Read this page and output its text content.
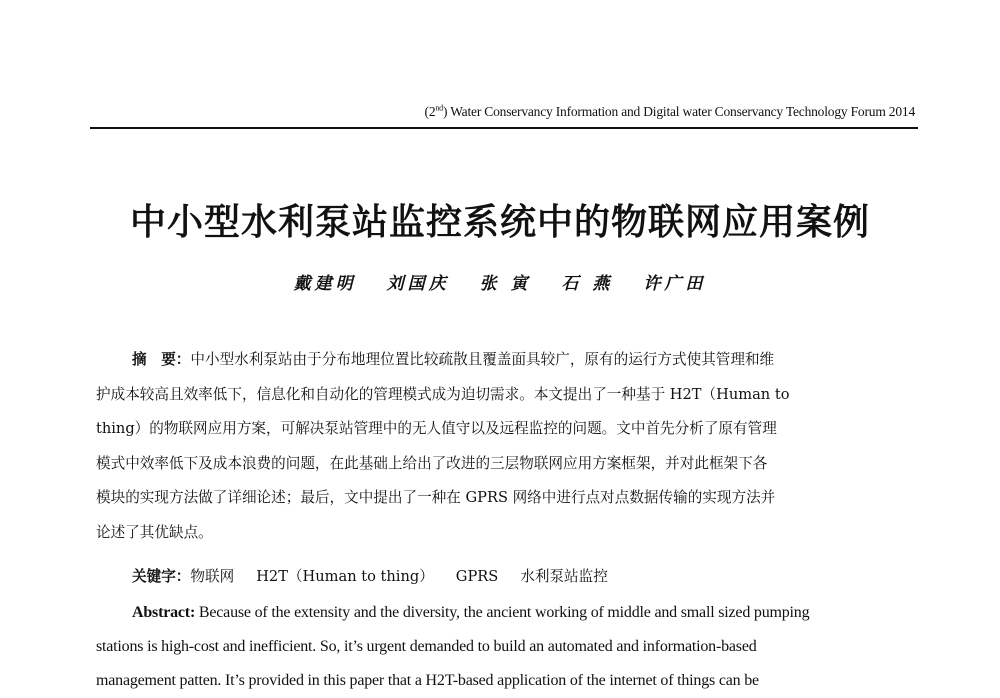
(2nd) Water Conservancy Information and Digital water Conservancy Technology Forum 2014
中小型水利泵站监控系统中的物联网应用案例
戴建明 刘国庆 张 寅 石 燕 许广田
摘　要：中小型水利泵站由于分布地理位置比较疏散且覆盖面具较广，原有的运行方式使其管理和维
护成本较高且效率低下，信息化和自动化的管理模式成为迫切需求。本文提出了一种基于 H2T（Human to
thing）的物联网应用方案，可解决泵站管理中的无人值守以及远程监控的问题。文中首先分析了原有管理
模式中效率低下及成本浪费的问题，在此基础上给出了改进的三层物联网应用方案框架，并对此框架下各
模块的实现方法做了详细论述；最后，文中提出了一种在 GPRS 网络中进行点对点数据传输的实现方法并
论述了其优缺点。
关键字：物联网 H2T（Human to thing） GPRS 水利泵站监控
Abstract: Because of the extensity and the diversity, the ancient working of middle and small sized pumping
stations is high-cost and inefficient. So, it’s urgent demanded to build an automated and information-based
management patten. It’s provided in this paper that a H2T-based application of the internet of things can be
